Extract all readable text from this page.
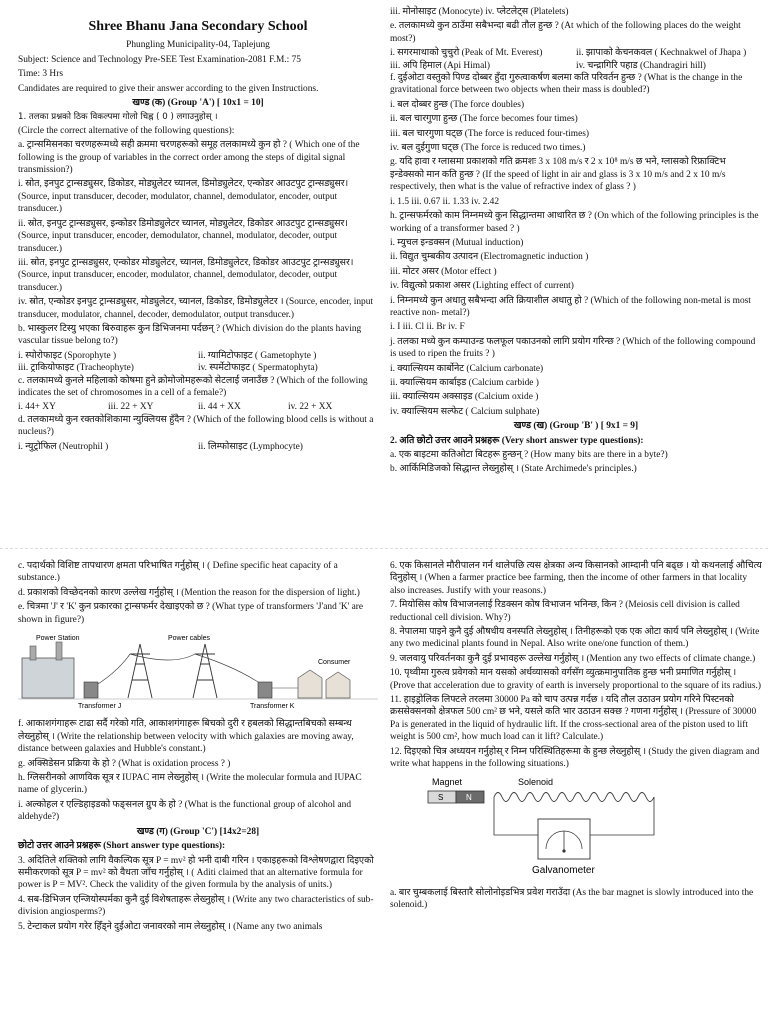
Shree Bhanu Jana Secondary School

Phungling Municipality-04, Taplejung

Subject: Science and Technology Pre-SEE Test Examination-2081 F.M.: 75

Time: 3 Hrs

Candidates are required to give their answer according to the given Instructions.

खण्ड (क) (Group 'A') [ 10x1 = 10]

1. तलका प्रश्नको ठिक विकल्पमा गोलो चिह्न ( 0 ) लगाउनुहोस् ।

(Circle the correct alternative of the following questions):

a. ट्रान्समिसनका चरणहरूमध्ये सही क्रममा चरणहरूको समूह तलकामध्ये कुन हो ? ( Which one of the following is the group of variables in the correct order among the steps of digital signal transmission?)

i. स्रोत, इनपुट ट्रान्सड्युसर, डिकोडर, मोड्युलेटर च्यानल, डिमोड्युलेटर, एन्कोडर आउटपुट ट्रान्सड्युसर। (Source, input transducer, decoder, modulator, channel, demodulator, encoder, output transducer.)

ii. स्रोत, इनपुट ट्रान्सड्युसर, इन्कोडर डिमोड्युलेटर च्यानल, मोड्युलेटर, डिकोडर आउटपुट ट्रान्सड्युसर। (Source, input transducer, encoder, demodulator, channel, modulator, decoder, output transducer.)

iii. स्रोत, इनपुट ट्रान्सड्युसर, एन्कोडर मोड्युलेटर, च्यानल, डिमोड्युलेटर, डिकोडर आउटपुट ट्रान्सड्युसर। (Source, input transducer, encoder, modulator, channel, demodulator, decoder, output transducer.)

iv. स्रोत, एन्कोडर इनपुट ट्रान्सड्युसर, मोड्युलेटर, च्यानल, डिकोडर, डिमोड्युलेटर । (Source, encoder, input transducer, modulator, channel, decoder, demodulator, output transducer.)

b. भास्कुलर टिस्यु भएका बिरुवाहरू कुन डिभिजनमा पर्दछन् ? (Which division do the plants having vascular tissue belong to?)

i. स्पोरोफाइट (Sporophyte )	ii. ग्यामिटोफाइट ( Gametophyte )
iii. ट्राकियोफाइट (Tracheophyte)	iv. स्पर्मेटोफाइट ( Spermatophyta)

c. तलकामध्ये कुनले महिलाको कोषमा हुने क्रोमोजोमहरूको सेटलाई जनाउँछ ? (Which of the following indicates the set of chromosomes in a cell of a female?)

i. 44+ XY	iii. 22 + XY	ii. 44 + XX	iv. 22 + XX

d. तलकामध्ये कुन रक्तकोशिकामा न्युक्लियस हुँदैन ? (Which of the following blood cells is without a nucleus?)

i. न्युट्रोफिल (Neutrophil )	ii. लिम्फोसाइट (Lymphocyte)

iii. मोनोसाइट (Monocyte) iv. प्लेटलेट्स (Platelets)

e. तलकामध्ये कुन ठाउँमा सबैभन्दा बढी तौल हुन्छ ? (At which of the following places do the weight most?)

i. सगरमाथाको चुचुरो (Peak of Mt. Everest)	ii. झापाको केचनकवल ( Kechnakwel of Jhapa )
iii. अपि हिमाल (Api Himal)	iv. चन्द्रागिरि पहाड (Chandragiri hill)

f. दुईओटा वस्तुको पिण्ड दोब्बर हुँदा गुरुत्वाकर्षण बलमा कति परिवर्तन हुन्छ ? (What is the change in the gravitational force between two objects when their mass is doubled?)

i. बल दोब्बर हुन्छ (The force doubles)

ii. बल चारगुणा हुन्छ (The force becomes four times)

iii. बल चारगुणा घट्छ (The force is reduced four-times)

iv. बल दुईगुणा घट्छ (The force is reduced two times.)

g. यदि हावा र ग्लासमा प्रकाशको गति क्रमशः 3 x 108 m/s र 2 x 10⁸ m/s छ भने, ग्लासको रिफ्राक्टिभ इन्डेक्सको मान कति हुन्छ ? (If the speed of light in air and glass is 3 x 10 m/s and 2 x 10 m/s respectively, then what is the value of refractive index of glass ? )

i. 1.5 iii. 0.67 ii. 1.33 iv. 2.42

h. ट्रान्सफर्मरको काम निम्नमध्ये कुन सिद्धान्तमा आधारित छ ? (On which of the following principles is the working of a transformer based ? )

i. म्युचल इन्डक्सन (Mutual induction)

ii. विद्युत चुम्बकीय उत्पादन (Electromagnetic induction )

iii. मोटर असर (Motor effect )

iv. विद्युत्को प्रकाश असर (Lighting effect of current)

i. निम्नमध्ये कुन अधातु सबैभन्दा अति क्रियाशील अधातु हो ? (Which of the following non-metal is most reactive non- metal?)

i. I iii. Cl ii. Br iv. F

j. तलका मध्ये कुन कम्पाउन्ड फलफूल पकाउनको लागि प्रयोग गरिन्छ ? (Which of the following compound is used to ripen the fruits ? )

i. क्याल्सियम कार्बोनेट (Calcium carbonate)

ii. क्याल्सियम कार्बाइड (Calcium carbide )

iii. क्याल्सियम अक्साइड (Calcium oxide )

iv. क्याल्सियम सल्फेट ( Calcium sulphate)

खण्ड (ख) (Group 'B' ) [ 9x1 = 9]

2. अति छोटो उत्तर आउने प्रश्नहरू (Very short answer type questions):

a. एक बाइटमा कतिओटा बिटहरू हुन्छन् ? (How many bits are there in a byte?)

b. आर्किमिडिजको सिद्धान्त लेख्नुहोस् । (State Archimede's principles.)

c. पदार्थको विशिष्ट तापधारण क्षमता परिभाषित गर्नुहोस् । ( Define specific heat capacity of a substance.)

d. प्रकाशको विच्छेदनको कारण उल्लेख गर्नुहोस् । (Mention the reason for the dispersion of light.)

e. चित्रमा 'J' र 'K' कुन प्रकारका ट्रान्सफर्मर देखाइएको छ ? (What type of transformers 'J'and 'K' are shown in figure?)

Power Station
Transformer J
Power cables
Transformer K
Consumer

f. आकाशगंगाहरू टाढा सर्दै गरेको गति, आकाशगंगाहरू बिचको दुरी र हबलको सिद्धान्तबिचको सम्बन्ध लेख्नुहोस् । (Write the relationship between velocity with which galaxies are moving away, distance between galaxies and Hubble's constant.)

g. अक्सिडेसन प्रक्रिया के हो ? (What is oxidation process ? )

h. ग्लिसरीनको आणविक सूत्र र IUPAC नाम लेख्नुहोस् । (Write the molecular formula and IUPAC name of glycerin.)

i. अल्कोहल र एल्डिहाइडको फङ्सनल ग्रुप के हो ? (What is the functional group of alcohol and aldehyde?)

खण्ड (ग) (Group 'C') [14x2=28]

छोटो उत्तर आउने प्रश्नहरू (Short answer type questions):

3. अदितिले शक्तिको लागि वैकल्पिक सूत्र P = mv² हो भनी दाबी गरिन । एकाइहरूको विश्लेषणद्वारा दिइएको समीकरणको सूत्र P = mv² को वैधता जाँच गर्नुहोस् । ( Aditi claimed that an alternative formula for power is P = MV². Check the validity of the given formula by the analysis of units.)

4. सब-डिभिजन एन्जियोस्पर्मका कुनै दुई विशेषताहरू लेख्नुहोस् । (Write any two characteristics of sub-division angiosperms?)

5. टेन्टाकल प्रयोग गरेर हिँड्ने दुईओटा जनावरको नाम लेख्नुहोस् । (Name any two animals

6. एक किसानले मौरीपालन गर्न थालेपछि त्यस क्षेत्रका अन्य किसानको आम्दानी पनि बढ्छ । यो कथनलाई औचित्य दिनुहोस् । (When a farmer practice bee farming, then the income of other farmers in that locality also increases. Justify with your reasons.)

7. मियोसिस कोष विभाजनलाई रिडक्सन कोष विभाजन भनिन्छ, किन ? (Meiosis cell division is called reductional cell division. Why?)

8. नेपालमा पाइने कुनै दुई औषधीय वनस्पति लेख्नुहोस् । तिनीहरूको एक एक ओटा कार्य पनि लेख्नुहोस् । (Write any two medicinal plants found in Nepal. Also write one/one function of them.)

9. जलवायु परिवर्तनका कुनै दुई प्रभावहरू उल्लेख गर्नुहोस् । (Mention any two effects of climate change.)

10. पृथ्वीमा गुरुत्व प्रवेगको मान यसको अर्धव्यासको वर्गसँग व्युत्क्रमानुपातिक हुन्छ भनी प्रमाणित गर्नुहोस् । (Prove that acceleration due to gravity of earth is inversely proportional to the square of its radius.)

11. हाइड्रोलिक लिफ्टले तरलमा 30000 Pa को चाप उत्पन्न गर्दछ । यदि तौल उठाउन प्रयोग गरिने पिस्टनको क्रससेक्सनको क्षेत्रफल 500 cm² छ भने, यसले कति भार उठाउन सक्छ ? गणना गर्नुहोस् । (Pressure of 30000 Pa is generated in the liquid of hydraulic lift. If the cross-sectional area of the piston used to lift weight is 500 cm², how much load can it lift? Calculate.)

12. दिइएको चित्र अध्ययन गर्नुहोस् र निम्न परिस्थितिहरूमा के हुन्छ लेख्नुहोस् । (Study the given diagram and write what happens in the following situations.)

Magnet	Solenoid
S	N
Galvanometer

a. बार चुम्बकलाई बिस्तारै सोलोनोइडभित्र प्रवेश गराउँदा (As the bar magnet is slowly introduced into the solenoid.)
